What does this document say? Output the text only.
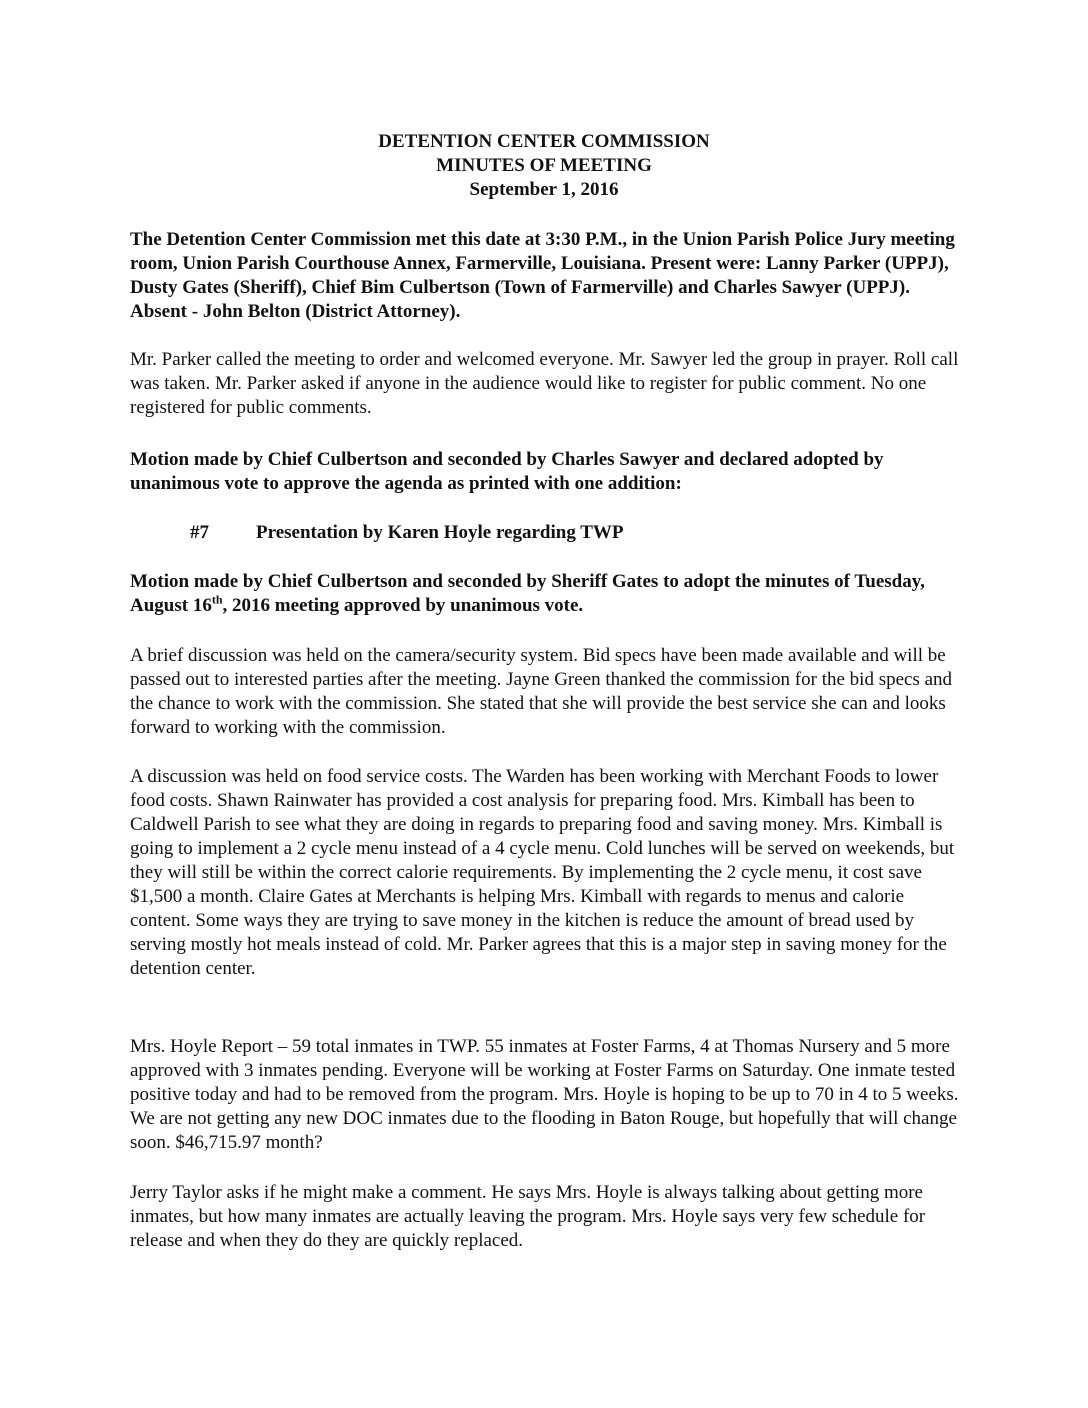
DETENTION CENTER COMMISSION
MINUTES OF MEETING
September 1, 2016

The Detention Center Commission met this date at 3:30 P.M., in the Union Parish Police Jury meeting room, Union Parish Courthouse Annex, Farmerville, Louisiana. Present were: Lanny Parker (UPPJ), Dusty Gates (Sheriff), Chief Bim Culbertson (Town of Farmerville) and Charles Sawyer (UPPJ). Absent - John Belton (District Attorney).

Mr. Parker called the meeting to order and welcomed everyone. Mr. Sawyer led the group in prayer. Roll call was taken. Mr. Parker asked if anyone in the audience would like to register for public comment. No one registered for public comments.

Motion made by Chief Culbertson and seconded by Charles Sawyer and declared adopted by unanimous vote to approve the agenda as printed with one addition:

#7 Presentation by Karen Hoyle regarding TWP

Motion made by Chief Culbertson and seconded by Sheriff Gates to adopt the minutes of Tuesday, August 16th, 2016 meeting approved by unanimous vote.

A brief discussion was held on the camera/security system. Bid specs have been made available and will be passed out to interested parties after the meeting. Jayne Green thanked the commission for the bid specs and the chance to work with the commission. She stated that she will provide the best service she can and looks forward to working with the commission.

A discussion was held on food service costs. The Warden has been working with Merchant Foods to lower food costs. Shawn Rainwater has provided a cost analysis for preparing food. Mrs. Kimball has been to Caldwell Parish to see what they are doing in regards to preparing food and saving money. Mrs. Kimball is going to implement a 2 cycle menu instead of a 4 cycle menu. Cold lunches will be served on weekends, but they will still be within the correct calorie requirements. By implementing the 2 cycle menu, it cost save $1,500 a month. Claire Gates at Merchants is helping Mrs. Kimball with regards to menus and calorie content. Some ways they are trying to save money in the kitchen is reduce the amount of bread used by serving mostly hot meals instead of cold. Mr. Parker agrees that this is a major step in saving money for the detention center.

Mrs. Hoyle Report – 59 total inmates in TWP. 55 inmates at Foster Farms, 4 at Thomas Nursery and 5 more approved with 3 inmates pending. Everyone will be working at Foster Farms on Saturday. One inmate tested positive today and had to be removed from the program. Mrs. Hoyle is hoping to be up to 70 in 4 to 5 weeks. We are not getting any new DOC inmates due to the flooding in Baton Rouge, but hopefully that will change soon. $46,715.97 month?

Jerry Taylor asks if he might make a comment. He says Mrs. Hoyle is always talking about getting more inmates, but how many inmates are actually leaving the program. Mrs. Hoyle says very few schedule for release and when they do they are quickly replaced.
